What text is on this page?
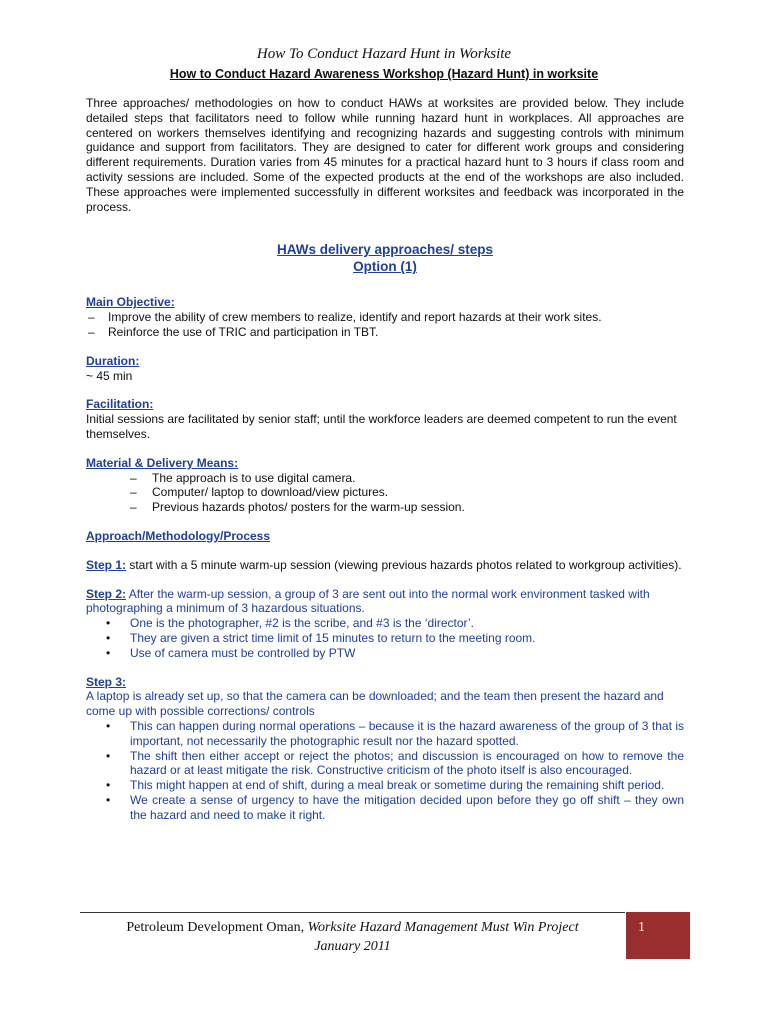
How To Conduct Hazard Hunt in Worksite
How to Conduct Hazard Awareness Workshop (Hazard Hunt) in worksite

Three approaches/ methodologies on how to conduct HAWs at worksites are provided below. They include detailed steps that facilitators need to follow while running hazard hunt in workplaces. All approaches are centered on workers themselves identifying and recognizing hazards and suggesting controls with minimum guidance and support from facilitators. They are designed to cater for different work groups and considering different requirements. Duration varies from 45 minutes for a practical hazard hunt to 3 hours if class room and activity sessions are included. Some of the expected products at the end of the workshops are also included. These approaches were implemented successfully in different worksites and feedback was incorporated in the process.

HAWs delivery approaches/ steps
Option (1)
Main Objective:
– Improve the ability of crew members to realize, identify and report hazards at their work sites.
– Reinforce the use of TRIC and participation in TBT.
Duration:
~ 45 min
Facilitation:

Initial sessions are facilitated by senior staff; until the workforce leaders are deemed competent to run the event themselves.

Material & Delivery Means:
– The approach is to use digital camera.
– Computer/ laptop to download/view pictures.
– Previous hazards photos/ posters for the warm-up session.
Approach/Methodology/Process

Step 1: start with a 5 minute warm-up session (viewing previous hazards photos related to workgroup activities).

Step 2: After the warm-up session, a group of 3 are sent out into the normal work environment tasked with photographing a minimum of 3 hazardous situations.

• One is the photographer, #2 is the scribe, and #3 is the ‘director’.
• They are given a strict time limit of 15 minutes to return to the meeting room.
• Use of camera must be controlled by PTW
Step 3:

A laptop is already set up, so that the camera can be downloaded; and the team then present the hazard and come up with possible corrections/ controls

• This can happen during normal operations – because it is the hazard awareness of the group of 3 that is important, not necessarily the photographic result nor the hazard spotted.
• The shift then either accept or reject the photos; and discussion is encouraged on how to remove the hazard or at least mitigate the risk. Constructive criticism of the photo itself is also encouraged.
• This might happen at end of shift, during a meal break or sometime during the remaining shift period.
• We create a sense of urgency to have the mitigation decided upon before they go off shift – they own the hazard and need to make it right.
Petroleum Development Oman, Worksite Hazard Management Must Win Project
January 2011
1
